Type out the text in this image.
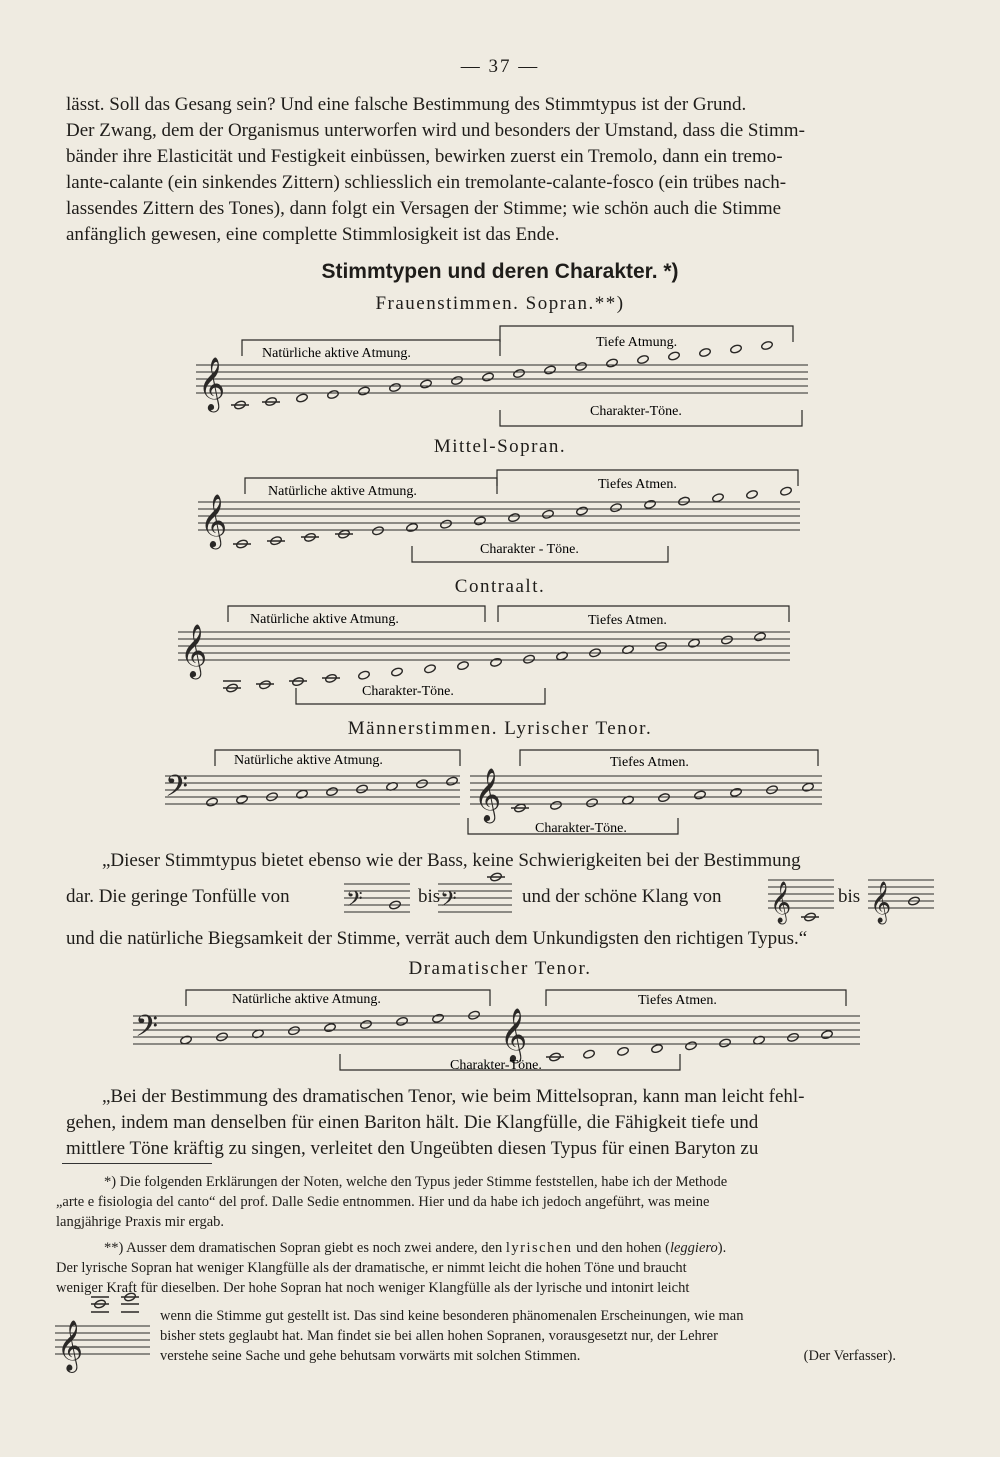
— 37 —

lässt. Soll das Gesang sein? Und eine falsche Bestimmung des Stimmtypus ist der Grund.

Der Zwang, dem der Organismus unterworfen wird und besonders der Umstand, dass die Stimm-

bänder ihre Elasticität und Festigkeit einbüssen, bewirken zuerst ein Tremolo, dann ein tremo-

lante-calante (ein sinkendes Zittern) schliesslich ein tremolante-calante-fosco (ein trübes nach-

lassendes Zittern des Tones), dann folgt ein Versagen der Stimme; wie schön auch die Stimme

anfänglich gewesen, eine complette Stimmlosigkeit ist das Ende.

Stimmtypen und deren Charakter. *)
Frauenstimmen. Sopran.**)
Mittel-Sopran.
Contraalt.
Männerstimmen. Lyrischer Tenor.
Dramatischer Tenor.
𝄞
𝄞
𝄞
𝄢	𝄞
𝄢	𝄞
𝄢	𝄢	𝄞 𝄞
𝄞
Natürliche aktive Atmung.
Tiefe Atmung.
Charakter-Töne.
Natürliche aktive Atmung.	Tiefes Atmen.
Charakter - Töne.
Natürliche aktive Atmung.	Tiefes Atmen.
Charakter-Töne.
Natürliche aktive Atmung.	Tiefes Atmen.
Charakter-Töne.
Natürliche aktive Atmung.	Tiefes Atmen.
Charakter-Töne.

„Dieser Stimmtypus bietet ebenso wie der Bass, keine Schwierigkeiten bei der Bestimmung

dar. Die geringe Tonfülle von	bis	und der schöne Klang von	bis

und die natürliche Biegsamkeit der Stimme, verrät auch dem Unkundigsten den richtigen Typus.“

„Bei der Bestimmung des dramatischen Tenor, wie beim Mittelsopran, kann man leicht fehl-

gehen, indem man denselben für einen Bariton hält. Die Klangfülle, die Fähigkeit tiefe und

mittlere Töne kräftig zu singen, verleitet den Ungeübten diesen Typus für einen Baryton zu

*) Die folgenden Erklärungen der Noten, welche den Typus jeder Stimme feststellen, habe ich der Methode

„arte e fisiologia del canto“ del prof. Dalle Sedie entnommen. Hier und da habe ich jedoch angeführt, was meine

langjährige Praxis mir ergab.

**) Ausser dem dramatischen Sopran giebt es noch zwei andere, den lyrischen und den hohen (leggiero).

Der lyrische Sopran hat weniger Klangfülle als der dramatische, er nimmt leicht die hohen Töne und braucht

weniger Kraft für dieselben. Der hohe Sopran hat noch weniger Klangfülle als der lyrische und intonirt leicht

wenn die Stimme gut gestellt ist. Das sind keine besonderen phänomenalen Erscheinungen, wie man

bisher stets geglaubt hat. Man findet sie bei allen hohen Sopranen, vorausgesetzt nur, der Lehrer

verstehe seine Sache und gehe behutsam vorwärts mit solchen Stimmen.	(Der Verfasser).
